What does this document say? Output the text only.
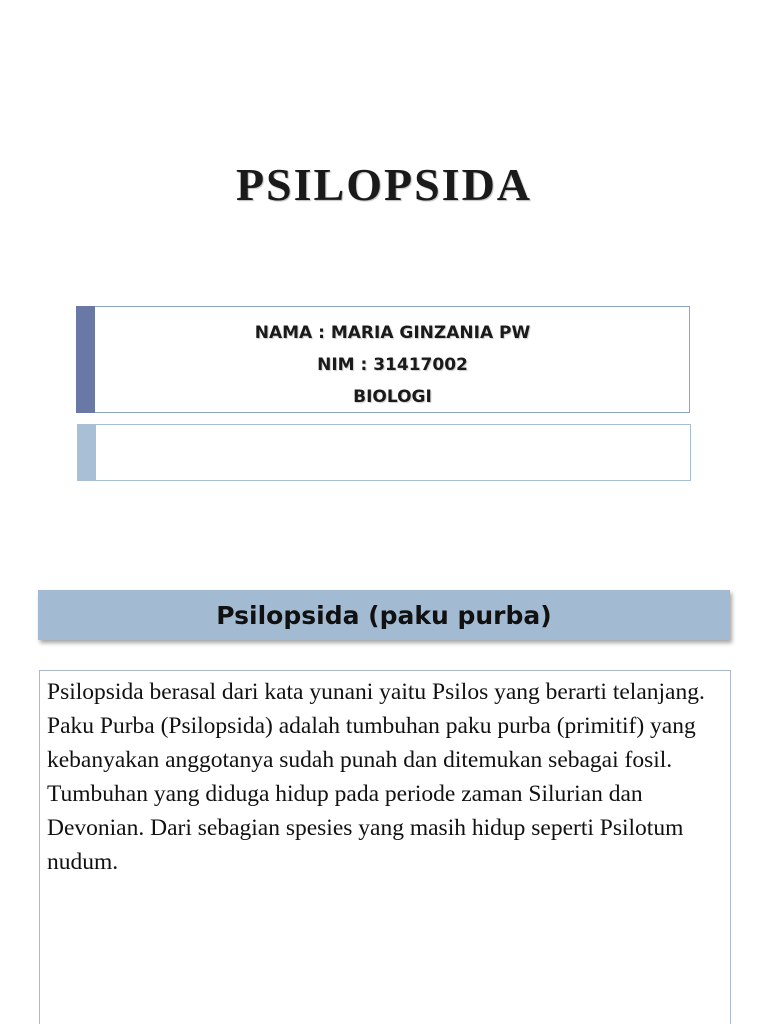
PSILOPSIDA
NAMA : MARIA GINZANIA PW
NIM : 31417002
BIOLOGI
Psilopsida (paku purba)
Psilopsida berasal dari kata yunani yaitu Psilos yang berarti telanjang. Paku Purba (Psilopsida) adalah tumbuhan paku purba (primitif) yang kebanyakan anggotanya sudah punah dan ditemukan sebagai fosil. Tumbuhan yang diduga hidup pada periode zaman Silurian dan Devonian. Dari sebagian spesies yang masih hidup seperti Psilotum nudum.
